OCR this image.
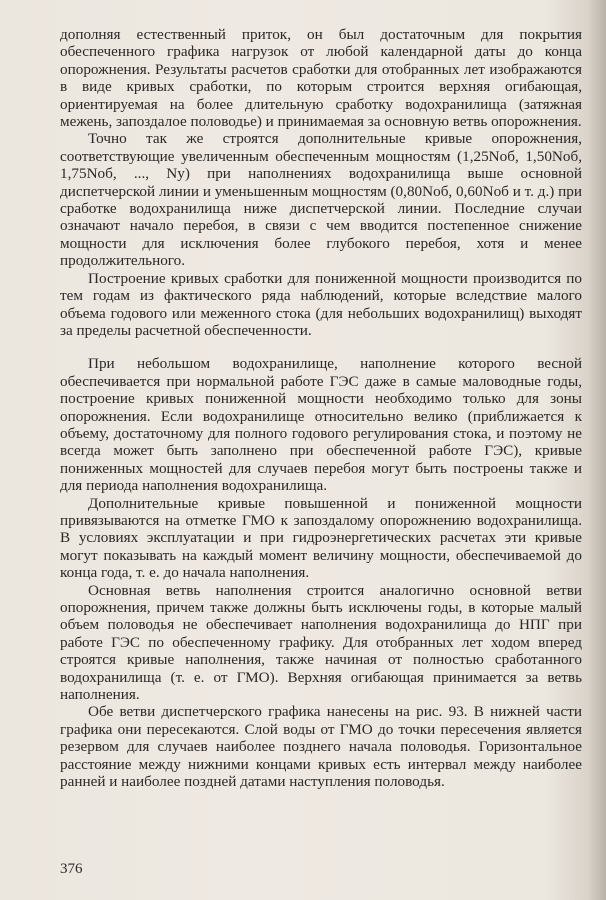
дополняя естественный приток, он был достаточным для покрытия обеспеченного графика нагрузок от любой календарной даты до конца опорожнения. Результаты расчетов сработки для отобранных лет изображаются в виде кривых сработки, по которым строится верхняя огибающая, ориентируемая на более длительную сработку водохранилища (затяжная межень, запоздалое половодье) и принимаемая за основную ветвь опорожнения.

Точно так же строятся дополнительные кривые опорожнения, соответствующие увеличенным обеспеченным мощностям (1,25Nоб, 1,50Nоб, 1,75Nоб, ..., Nу) при наполнениях водохранилища выше основной диспетчерской линии и уменьшенным мощностям (0,80Nоб, 0,60Nоб и т. д.) при сработке водохранилища ниже диспетчерской линии. Последние случаи означают начало перебоя, в связи с чем вводится постепенное снижение мощности для исключения более глубокого перебоя, хотя и менее продолжительного.

Построение кривых сработки для пониженной мощности производится по тем годам из фактического ряда наблюдений, которые вследствие малого объема годового или меженного стока (для небольших водохранилищ) выходят за пределы расчетной обеспеченности.

При небольшом водохранилище, наполнение которого весной обеспечивается при нормальной работе ГЭС даже в самые маловодные годы, построение кривых пониженной мощности необходимо только для зоны опорожнения. Если водохранилище относительно велико (приближается к объему, достаточному для полного годового регулирования стока, и поэтому не всегда может быть заполнено при обеспеченной работе ГЭС), кривые пониженных мощностей для случаев перебоя могут быть построены также и для периода наполнения водохранилища.

Дополнительные кривые повышенной и пониженной мощности привязываются на отметке ГМО к запоздалому опорожнению водохранилища. В условиях эксплуатации и при гидроэнергетических расчетах эти кривые могут показывать на каждый момент величину мощности, обеспечиваемой до конца года, т. е. до начала наполнения.

Основная ветвь наполнения строится аналогично основной ветви опорожнения, причем также должны быть исключены годы, в которые малый объем половодья не обеспечивает наполнения водохранилища до НПГ при работе ГЭС по обеспеченному графику. Для отобранных лет ходом вперед строятся кривые наполнения, также начиная от полностью сработанного водохранилища (т. е. от ГМО). Верхняя огибающая принимается за ветвь наполнения.

Обе ветви диспетчерского графика нанесены на рис. 93. В нижней части графика они пересекаются. Слой воды от ГМО до точки пересечения является резервом для случаев наиболее позднего начала половодья. Горизонтальное расстояние между нижними концами кривых есть интервал между наиболее ранней и наиболее поздней датами наступления половодья.

376
